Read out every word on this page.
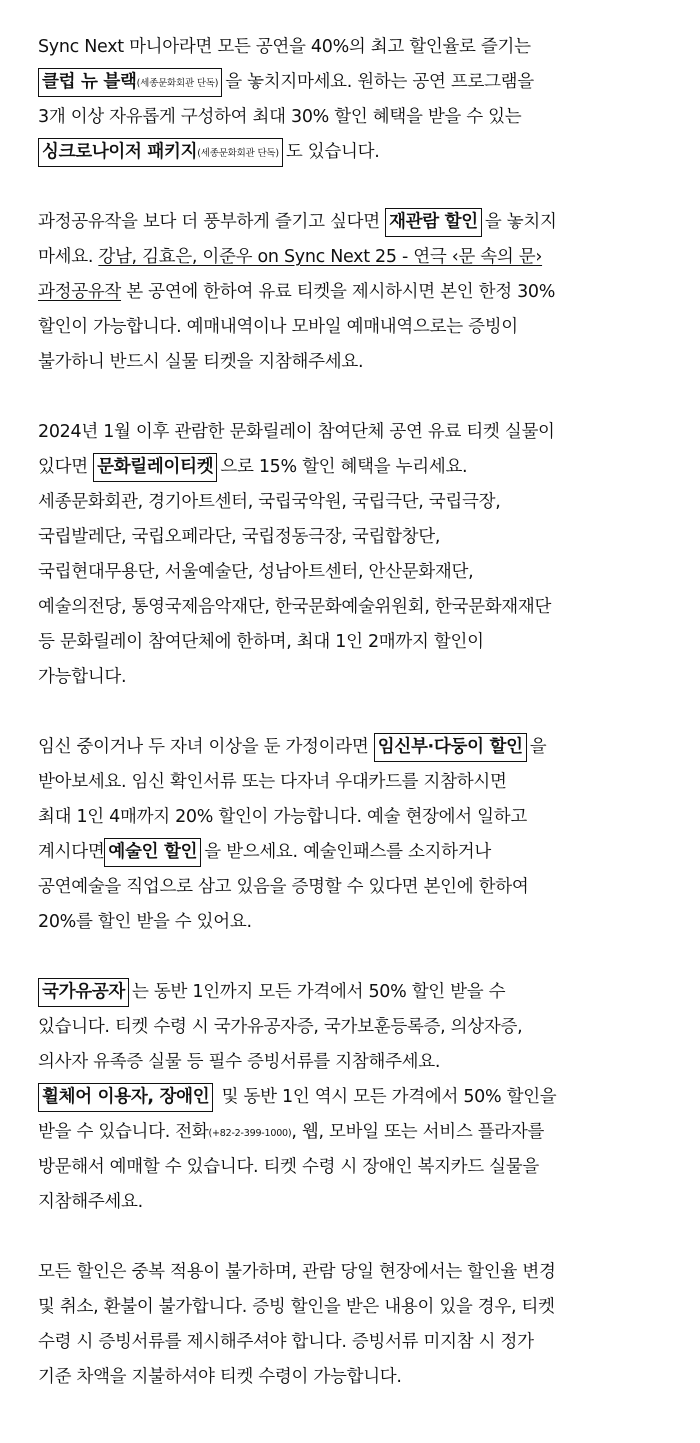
Sync Next 마니아라면 모든 공연을 40%의 최고 할인율로 즐기는
클럽 뉴 블랙$^{(세종문화회관 단독)}$ 을 놓치지마세요. 원하는 공연 프로그램을
3개 이상 자유롭게 구성하여 최대 30% 할인 혜택을 받을 수 있는
싱크로나이저 패키지$^{(세종문화회관 단독)}$ 도 있습니다.

과정공유작을 보다 더 풍부하게 즐기고 싶다면 재관람 할인 을 놓치지
마세요. 강남, 김효은, 이준우 on Sync Next 25 - 연극 ‹문 속의 문›
과정공유작 본 공연에 한하여 유료 티켓을 제시하시면 본인 한정 30%
할인이 가능합니다. 예매내역이나 모바일 예매내역으로는 증빙이
불가하니 반드시 실물 티켓을 지참해주세요.

2024년 1월 이후 관람한 문화릴레이 참여단체 공연 유료 티켓 실물이
있다면 문화릴레이티켓 으로 15% 할인 혜택을 누리세요.
세종문화회관, 경기아트센터, 국립국악원, 국립극단, 국립극장,
국립발레단, 국립오페라단, 국립정동극장, 국립합창단,
국립현대무용단, 서울예술단, 성남아트센터, 안산문화재단,
예술의전당, 통영국제음악재단, 한국문화예술위원회, 한국문화재재단
등 문화릴레이 참여단체에 한하며, 최대 1인 2매까지 할인이
가능합니다.

임신 중이거나 두 자녀 이상을 둔 가정이라면 임신부·다둥이 할인 을
받아보세요. 임신 확인서류 또는 다자녀 우대카드를 지참하시면
최대 1인 4매까지 20% 할인이 가능합니다. 예술 현장에서 일하고
계시다면 예술인 할인 을 받으세요. 예술인패스를 소지하거나
공연예술을 직업으로 삼고 있음을 증명할 수 있다면 본인에 한하여
20%를 할인 받을 수 있어요.

국가유공자 는 동반 1인까지 모든 가격에서 50% 할인 받을 수
있습니다. 티켓 수령 시 국가유공자증, 국가보훈등록증, 의상자증,
의사자 유족증 실물 등 필수 증빙서류를 지참해주세요.
휠체어 이용자, 장애인 및 동반 1인 역시 모든 가격에서 50% 할인을
받을 수 있습니다. 전화$^{(+82-2-399-1000)}$, 웹, 모바일 또는 서비스 플라자를
방문해서 예매할 수 있습니다. 티켓 수령 시 장애인 복지카드 실물을
지참해주세요.

모든 할인은 중복 적용이 불가하며, 관람 당일 현장에서는 할인율 변경
및 취소, 환불이 불가합니다. 증빙 할인을 받은 내용이 있을 경우, 티켓
수령 시 증빙서류를 제시해주셔야 합니다. 증빙서류 미지참 시 정가
기준 차액을 지불하셔야 티켓 수령이 가능합니다.
